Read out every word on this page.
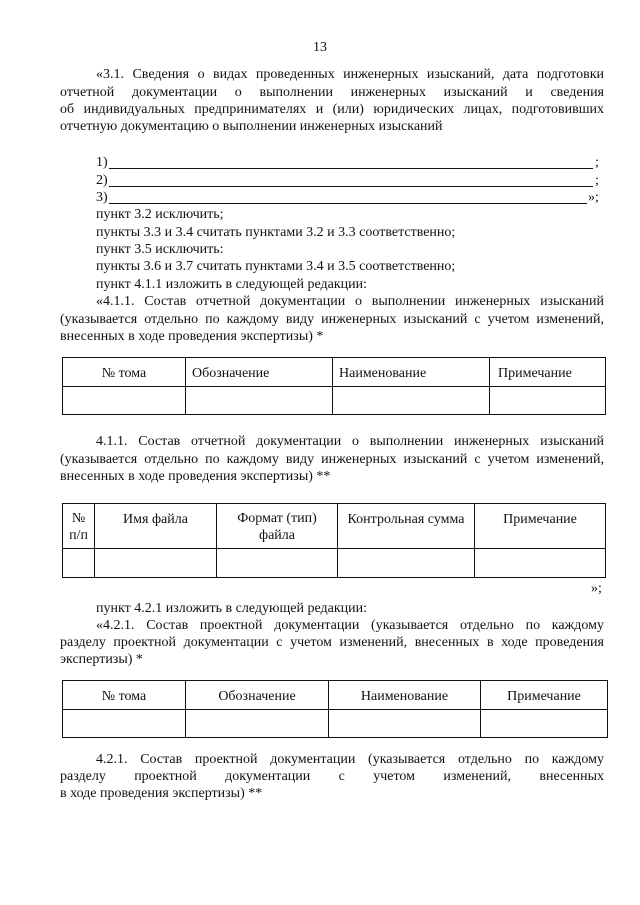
13
«3.1. Сведения о видах проведенных инженерных изысканий, дата подготовки
отчетной документации о выполнении инженерных изысканий и сведения
об индивидуальных предпринимателях и (или) юридических лицах, подготовивших
отчетную документацию о выполнении инженерных изысканий
1)	;
2)	;
3)	»;
пункт 3.2 исключить;
пункты 3.3 и 3.4 считать пунктами 3.2 и 3.3 соответственно;
пункт 3.5 исключить:
пункты 3.6 и 3.7 считать пунктами 3.4 и 3.5 соответственно;
пункт 4.1.1 изложить в следующей редакции:
«4.1.1. Состав отчетной документации о выполнении инженерных изысканий
(указывается отдельно по каждому виду инженерных изысканий с учетом изменений,
внесенных в ходе проведения экспертизы) *
№ тома	Обозначение	Наименование	Примечание

4.1.1. Состав отчетной документации о выполнении инженерных изысканий
(указывается отдельно по каждому виду инженерных изысканий с учетом изменений,
внесенных в ходе проведения экспертизы) **
№ п/п	Имя файла	Формат (тип) файла	Контрольная сумма	Примечание

»;
пункт 4.2.1 изложить в следующей редакции:
«4.2.1. Состав проектной документации (указывается отдельно по каждому
разделу проектной документации с учетом изменений, внесенных в ходе проведения
экспертизы) *
№ тома	Обозначение	Наименование	Примечание

4.2.1. Состав проектной документации (указывается отдельно по каждому
разделу проектной документации с учетом изменений, внесенных
в ходе проведения экспертизы) **
